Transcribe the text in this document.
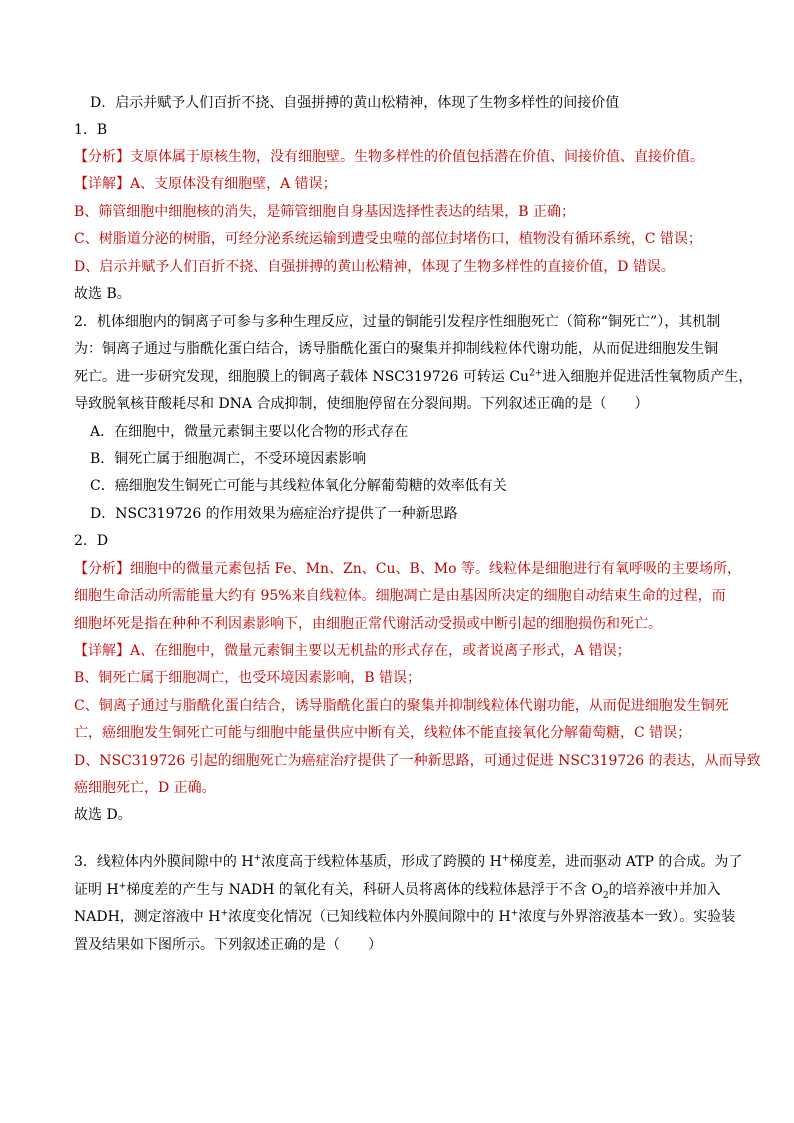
D．启示并赋予人们百折不挠、自强拼搏的黄山松精神，体现了生物多样性的间接价值
1．B
【分析】支原体属于原核生物，没有细胞壁。生物多样性的价值包括潜在价值、间接价值、直接价值。
【详解】A、支原体没有细胞壁，A 错误；
B、筛管细胞中细胞核的消失，是筛管细胞自身基因选择性表达的结果，B 正确；
C、树脂道分泌的树脂，可经分泌系统运输到遭受虫噬的部位封堵伤口，植物没有循环系统，C 错误；
D、启示并赋予人们百折不挠、自强拼搏的黄山松精神，体现了生物多样性的直接价值，D 错误。
故选 B。
2．机体细胞内的铜离子可参与多种生理反应，过量的铜能引发程序性细胞死亡（简称“铜死亡”），其机制
为：铜离子通过与脂酰化蛋白结合，诱导脂酰化蛋白的聚集并抑制线粒体代谢功能，从而促进细胞发生铜
死亡。进一步研究发现，细胞膜上的铜离子载体 NSC319726 可转运 $Cu^{2+}$进入细胞并促进活性氧物质产生，
导致脱氧核苷酸耗尽和 DNA 合成抑制，使细胞停留在分裂间期。下列叙述正确的是（　　）
A．在细胞中，微量元素铜主要以化合物的形式存在
B．铜死亡属于细胞凋亡，不受环境因素影响
C．癌细胞发生铜死亡可能与其线粒体氧化分解葡萄糖的效率低有关
D．NSC319726 的作用效果为癌症治疗提供了一种新思路
2．D
【分析】细胞中的微量元素包括 Fe、Mn、Zn、Cu、B、Mo 等。线粒体是细胞进行有氧呼吸的主要场所，
细胞生命活动所需能量大约有 95%来自线粒体。细胞凋亡是由基因所决定的细胞自动结束生命的过程，而
细胞坏死是指在种种不利因素影响下，由细胞正常代谢活动受损或中断引起的细胞损伤和死亡。
【详解】A、在细胞中，微量元素铜主要以无机盐的形式存在，或者说离子形式，A 错误；
B、铜死亡属于细胞凋亡，也受环境因素影响，B 错误；
C、铜离子通过与脂酰化蛋白结合，诱导脂酰化蛋白的聚集并抑制线粒体代谢功能，从而促进细胞发生铜死
亡，癌细胞发生铜死亡可能与细胞中能量供应中断有关，线粒体不能直接氧化分解葡萄糖，C 错误；
D、NSC319726 引起的细胞死亡为癌症治疗提供了一种新思路，可通过促进 NSC319726 的表达，从而导致
癌细胞死亡，D 正确。
故选 D。
3．线粒体内外膜间隙中的 H+浓度高于线粒体基质，形成了跨膜的 H+梯度差，进而驱动 ATP 的合成。为了
证明 H+梯度差的产生与 NADH 的氧化有关，科研人员将离体的线粒体悬浮于不含 $O_2$的培养液中并加入
NADH，测定溶液中 H+浓度变化情况（已知线粒体内外膜间隙中的 H+浓度与外界溶液基本一致）。实验装
置及结果如下图所示。下列叙述正确的是（　　）
